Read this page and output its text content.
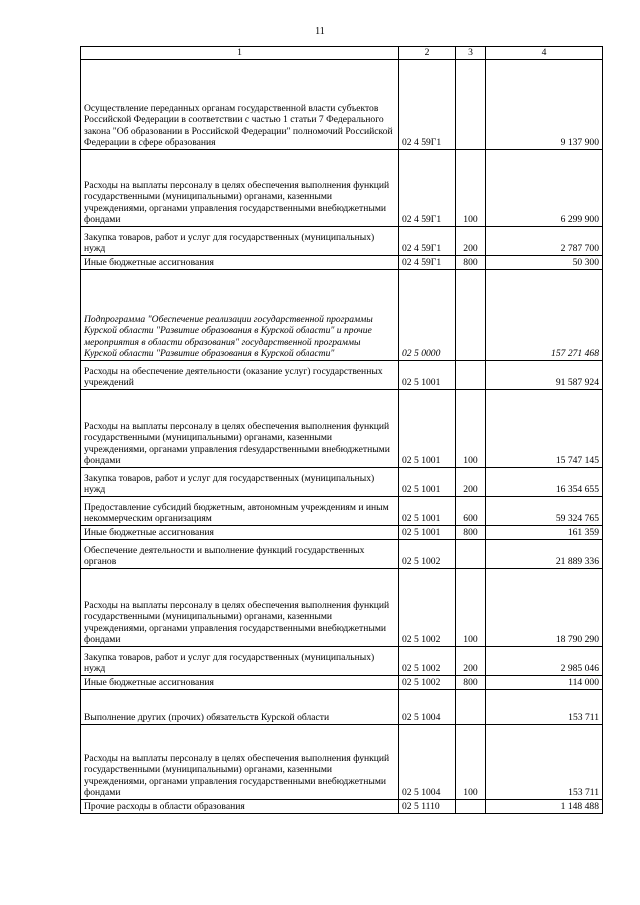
11
1	2	3	4
Осуществление переданных органам государственной власти субъектов Российской Федерации в соответствии с частью 1 статьи 7 Федерального закона "Об образовании в Российской Федерации" полномочий Российской Федерации в сфере образования	02 4 59Г1		9 137 900
Расходы на выплаты персоналу в целях обеспечения выполнения функций государственными (муниципальными) органами, казенными учреждениями, органами управления государственными внебюджетными фондами	02 4 59Г1	100	6 299 900
Закупка товаров, работ и услуг для государственных (муниципальных) нужд	02 4 59Г1	200	2 787 700
Иные бюджетные ассигнования	02 4 59Г1	800	50 300
Подпрограмма "Обеспечение реализации государственной программы Курской области "Развитие образования в Курской области" и прочие мероприятия в области образования" государственной программы Курской области "Развитие образования в Курской области"	02 5 0000		157 271 468
Расходы на обеспечение деятельности (оказание услуг) государственных учреждений	02 5 1001		91 587 924
Расходы на выплаты персоналу в целях обеспечения выполнения функций государственными (муниципальными) органами, казенными учреждениями, органами управления гdesударственными внебюджетными фондами	02 5 1001	100	15 747 145
Закупка товаров, работ и услуг для государственных (муниципальных) нужд	02 5 1001	200	16 354 655
Предоставление субсидий бюджетным, автономным учреждениям и иным некоммерческим организациям	02 5 1001	600	59 324 765
Иные бюджетные ассигнования	02 5 1001	800	161 359
Обеспечение деятельности и выполнение функций государственных органов	02 5 1002		21 889 336
Расходы на выплаты персоналу в целях обеспечения выполнения функций государственными (муниципальными) органами, казенными учреждениями, органами управления государственными внебюджетными фондами	02 5 1002	100	18 790 290
Закупка товаров, работ и услуг для государственных (муниципальных) нужд	02 5 1002	200	2 985 046
Иные бюджетные ассигнования	02 5 1002	800	114 000
Выполнение других (прочих) обязательств Курской области	02 5 1004		153 711
Расходы на выплаты персоналу в целях обеспечения выполнения функций государственными (муниципальными) органами, казенными учреждениями, органами управления государственными внебюджетными фондами	02 5 1004	100	153 711
Прочие расходы в области образования	02 5 1110		1 148 488
